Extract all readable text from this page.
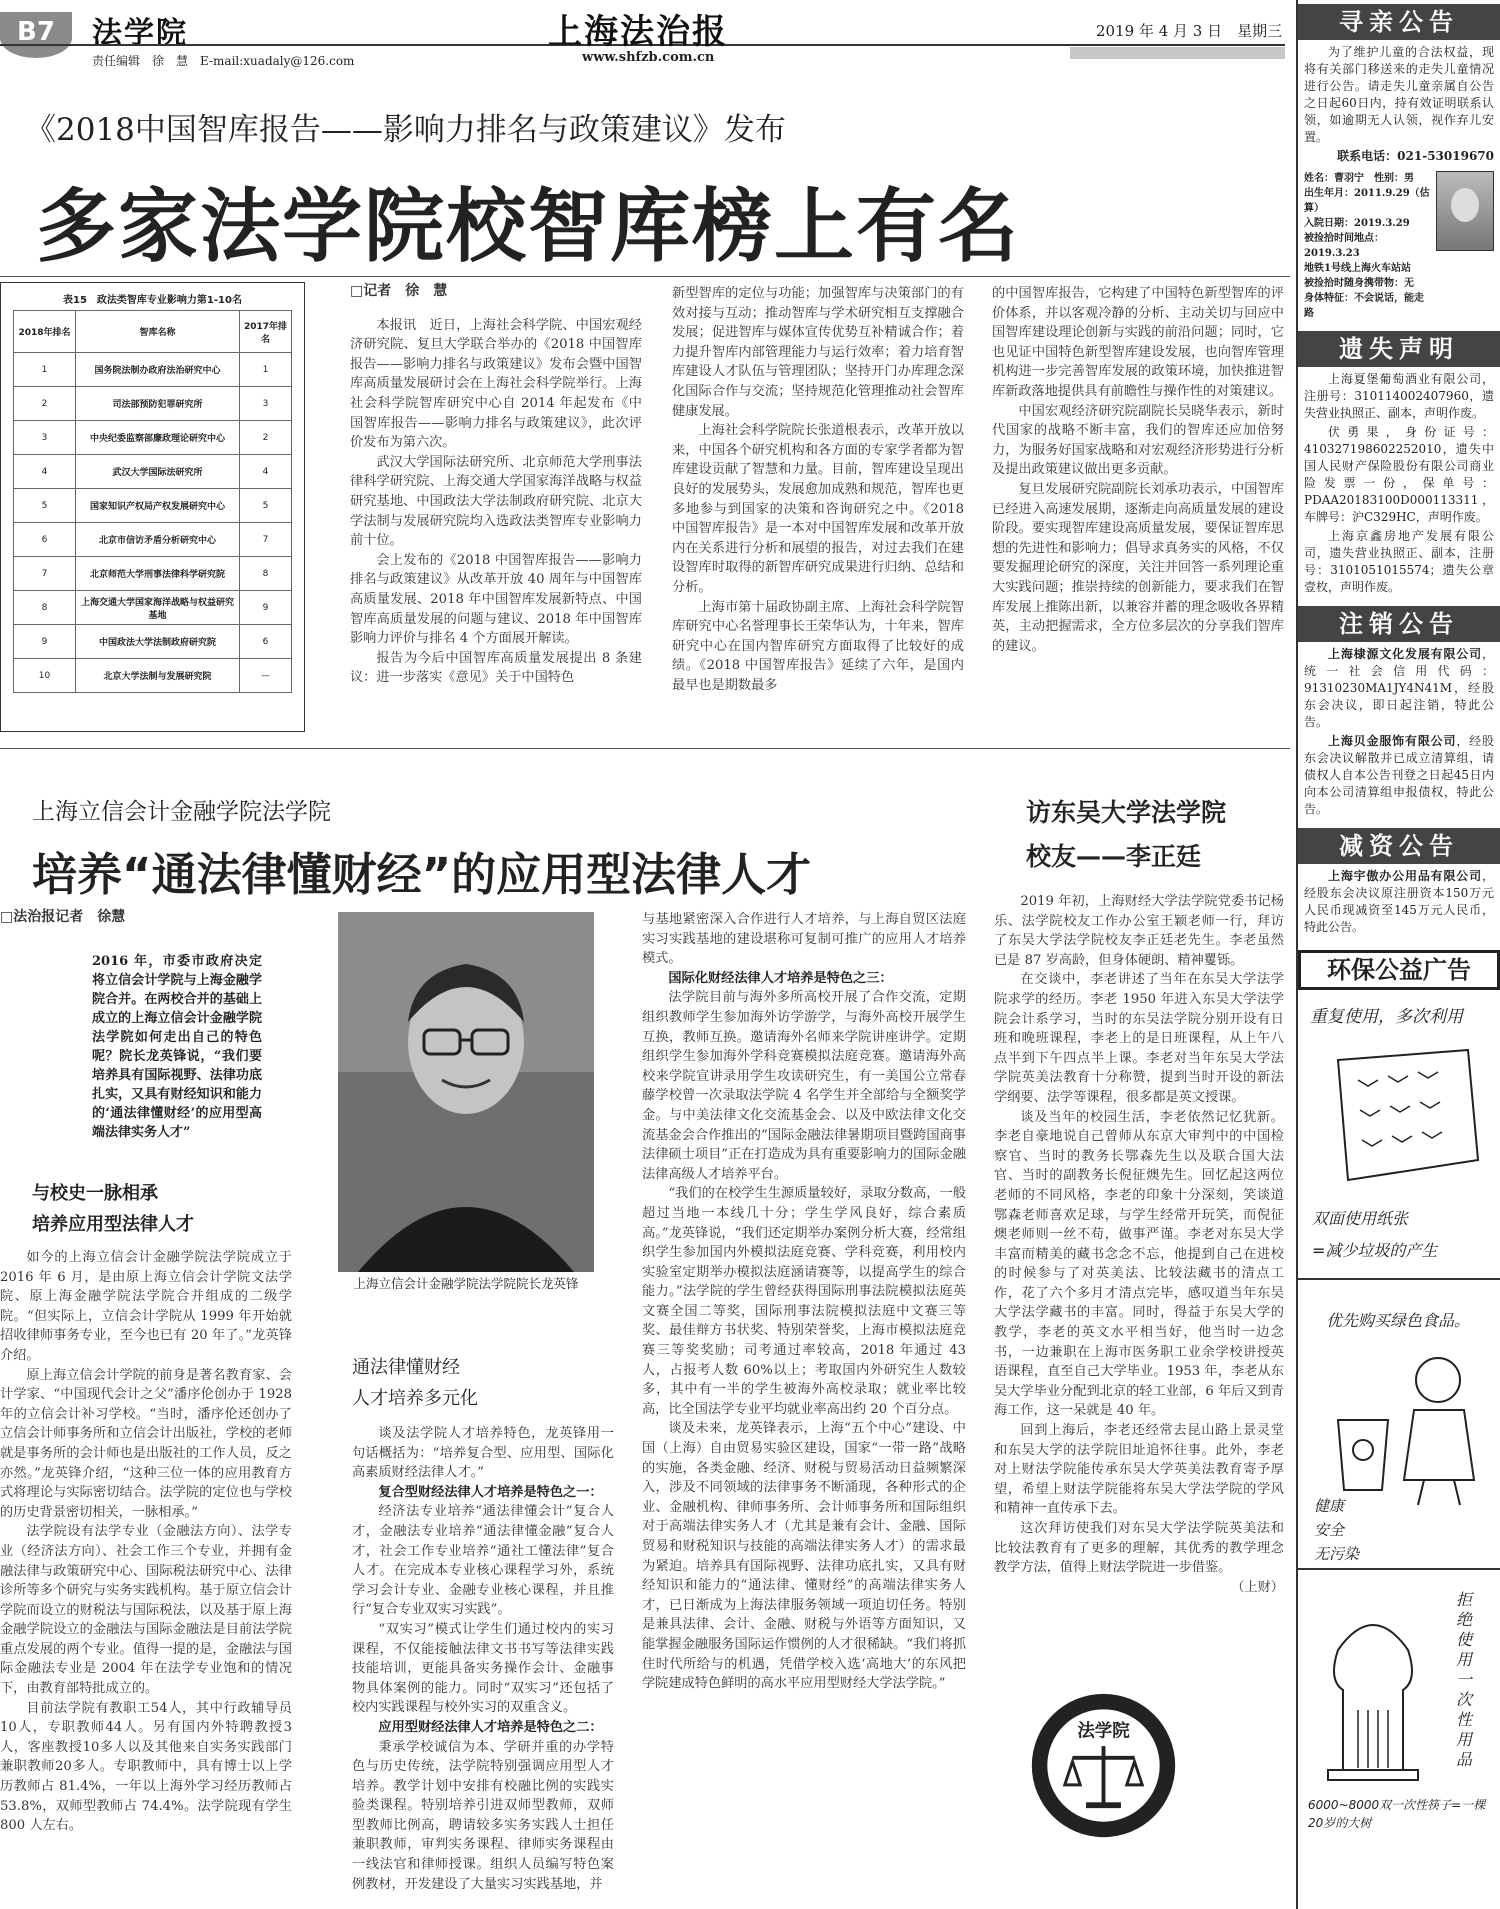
B7	法学院
责任编辑　徐　慧　E-mail:xuadaly@126.com
上海法治报
www.shfzb.com.cn
2019 年 4 月 3 日　星期三
《2018中国智库报告——影响力排名与政策建议》发布
多家法学院校智库榜上有名
表15　政法类智库专业影响力第1-10名
2018年排名	智库名称	2017年排名
1	国务院法制办政府法治研究中心	1
2	司法部预防犯罪研究所	3
3	中央纪委监察部廉政理论研究中心	2
4	武汉大学国际法研究所	4
5	国家知识产权局产权发展研究中心	5
6	北京市信访矛盾分析研究中心	7
7	北京师范大学刑事法律科学研究院	8
8	上海交通大学国家海洋战略与权益研究基地	9
9	中国政法大学法制政府研究院	6
10	北京大学法制与发展研究院	—
□记者　徐　慧

本报讯　近日，上海社会科学院、中国宏观经济研究院、复旦大学联合举办的《2018 中国智库报告——影响力排名与政策建议》发布会暨中国智库高质量发展研讨会在上海社会科学院举行。上海社会科学院智库研究中心自 2014 年起发布《中国智库报告——影响力排名与政策建议》，此次评价发布为第六次。

武汉大学国际法研究所、北京师范大学刑事法律科学研究院、上海交通大学国家海洋战略与权益研究基地、中国政法大学法制政府研究院、北京大学法制与发展研究院均入选政法类智库专业影响力前十位。

会上发布的《2018 中国智库报告——影响力排名与政策建议》从改革开放 40 周年与中国智库高质量发展、2018 年中国智库发展新特点、中国智库高质量发展的问题与建议、2018 年中国智库影响力评价与排名 4 个方面展开解读。

报告为今后中国智库高质量发展提出 8 条建议：进一步落实《意见》关于中国特色

新型智库的定位与功能；加强智库与决策部门的有效对接与互动；推动智库与学术研究相互支撑融合发展；促进智库与媒体宣传优势互补精诚合作；着力提升智库内部管理能力与运行效率；着力培育智库建设人才队伍与管理团队；坚持开门办库理念深化国际合作与交流；坚持规范化管理推动社会智库健康发展。

上海社会科学院院长张道根表示，改革开放以来，中国各个研究机构和各方面的专家学者都为智库建设贡献了智慧和力量。目前，智库建设呈现出良好的发展势头，发展愈加成熟和规范，智库也更多地参与到国家的决策和咨询研究之中。《2018 中国智库报告》是一本对中国智库发展和改革开放内在关系进行分析和展望的报告，对过去我们在建设智库时取得的新智库研究成果进行归纳、总结和分析。

上海市第十届政协副主席、上海社会科学院智库研究中心名誉理事长王荣华认为，十年来，智库研究中心在国内智库研究方面取得了比较好的成绩。《2018 中国智库报告》延续了六年，是国内最早也是期数最多

的中国智库报告，它构建了中国特色新型智库的评价体系，并以客观冷静的分析、主动关切与回应中国智库建设理论创新与实践的前沿问题；同时，它也见证中国特色新型智库建设发展，也向智库管理机构进一步完善智库发展的政策环境，加快推进智库新政落地提供具有前瞻性与操作性的对策建议。

中国宏观经济研究院副院长吴晓华表示，新时代国家的战略不断丰富，我们的智库还应加倍努力，为服务好国家战略和对宏观经济形势进行分析及提出政策建议做出更多贡献。

复旦发展研究院副院长刘承功表示，中国智库已经进入高速发展期，逐渐走向高质量发展的建设阶段。要实现智库建设高质量发展，要保证智库思想的先进性和影响力；倡导求真务实的风格，不仅要发掘理论研究的深度，关注并回答一系列理论重大实践问题；推崇持续的创新能力，要求我们在智库发展上推陈出新，以兼容并蓄的理念吸收各界精英，主动把握需求，全方位多层次的分享我们智库的建议。

上海立信会计金融学院法学院
培养“通法律懂财经”的应用型法律人才
□法治报记者　徐慧
2016 年，市委市政府决定将立信会计学院与上海金融学院合并。在两校合并的基础上成立的上海立信会计金融学院法学院如何走出自己的特色呢？院长龙英锋说，“我们要培养具有国际视野、法律功底扎实，又具有财经知识和能力的‘通法律懂财经’的应用型高端法律实务人才”
与校史一脉相承
培养应用型法律人才

如今的上海立信会计金融学院法学院成立于 2016 年 6 月，是由原上海立信会计学院文法学院、原上海金融学院法学院合并组成的二级学院。“但实际上，立信会计学院从 1999 年开始就招收律师事务专业，至今也已有 20 年了。”龙英锋介绍。

原上海立信会计学院的前身是著名教育家、会计学家、“中国现代会计之父”潘序伦创办于 1928 年的立信会计补习学校。“当时，潘序伦还创办了立信会计师事务所和立信会计出版社，学校的老师就是事务所的会计师也是出版社的工作人员，反之亦然。”龙英锋介绍，“这种三位一体的应用教育方式将理论与实际密切结合。法学院的定位也与学校的历史背景密切相关，一脉相承。”

法学院设有法学专业（金融法方向）、法学专业（经济法方向）、社会工作三个专业，并拥有金融法律与政策研究中心、国际税法研究中心、法律诊所等多个研究与实务实践机构。基于原立信会计学院而设立的财税法与国际税法，以及基于原上海金融学院设立的金融法与国际金融法是目前法学院重点发展的两个专业。值得一提的是，金融法与国际金融法专业是 2004 年在法学专业饱和的情况下，由教育部特批成立的。

目前法学院有教职工54人，其中行政辅导员10人，专职教师44人。另有国内外特聘教授3人，客座教授10多人以及其他来自实务实践部门兼职教师20多人。专职教师中，具有博士以上学历教师占 81.4%，一年以上海外学习经历教师占 53.8%，双师型教师占 74.4%。法学院现有学生 800 人左右。

上海立信会计金融学院法学院院长龙英锋
通法律懂财经
人才培养多元化

谈及法学院人才培养特色，龙英锋用一句话概括为：“培养复合型、应用型、国际化高素质财经法律人才。”

复合型财经法律人才培养是特色之一：

经济法专业培养“通法律懂会计”复合人才，金融法专业培养“通法律懂金融”复合人才，社会工作专业培养“通社工懂法律”复合人才。在完成本专业核心课程学习外，系统学习会计专业、金融专业核心课程，并且推行“复合专业双实习实践”。

“双实习”模式让学生们通过校内的实习课程，不仅能接触法律文书书写等法律实践技能培训，更能具备实务操作会计、金融事物具体案例的能力。同时“双实习”还包括了校内实践课程与校外实习的双重含义。

应用型财经法律人才培养是特色之二：

秉承学校诚信为本、学研并重的办学特色与历史传统，法学院特别强调应用型人才培养。教学计划中安排有校融比例的实践实验类课程。特别培养引进双师型教师，双师型教师比例高，聘请较多实务实践人士担任兼职教师，审判实务课程、律师实务课程由一线法官和律师授课。组织人员编写特色案例教材，开发建设了大量实习实践基地，并

与基地紧密深入合作进行人才培养，与上海自贸区法庭实习实践基地的建设堪称可复制可推广的应用人才培养模式。

国际化财经法律人才培养是特色之三：

法学院目前与海外多所高校开展了合作交流，定期组织教师学生参加海外访学游学，与海外高校开展学生互换，教师互换。邀请海外名师来学院讲座讲学。定期组织学生参加海外学科竞赛模拟法庭竞赛。邀请海外高校来学院宣讲录用学生攻读研究生，有一美国公立常春藤学校曾一次录取法学院 4 名学生并全部给与全额奖学金。与中美法律文化交流基金会、以及中欧法律文化交流基金会合作推出的“国际金融法律暑期项目暨跨国商事法律硕士项目”正在打造成为具有重要影响力的国际金融法律高级人才培养平台。

“我们的在校学生生源质量较好，录取分数高，一般超过当地一本线几十分；学生学风良好，综合素质高。”龙英锋说，“我们还定期举办案例分析大赛，经常组织学生参加国内外模拟法庭竞赛、学科竞赛，利用校内实验室定期举办模拟法庭涵请赛等，以提高学生的综合能力。”法学院的学生曾经获得国际刑事法院模拟法庭英文赛全国二等奖，国际刑事法院模拟法庭中文赛三等奖、最佳辩方书状奖、特别荣誉奖，上海市模拟法庭竞赛三等奖奖励；司考通过率较高，2018 年通过 43 人，占报考人数 60%以上；考取国内外研究生人数较多，其中有一半的学生被海外高校录取；就业率比较高，比全国法学专业平均就业率高出约 20 个百分点。

谈及未来，龙英锋表示，上海“五个中心”建设、中国（上海）自由贸易实验区建设，国家“一带一路”战略的实施，各类金融、经济、财税与贸易活动日益频繁深入，涉及不同领域的法律事务不断涌现，各种形式的企业、金融机构、律师事务所、会计师事务所和国际组织对于高端法律实务人才（尤其是兼有会计、金融、国际贸易和财税知识与技能的高端法律实务人才）的需求最为紧迫。培养具有国际视野、法律功底扎实，又具有财经知识和能力的“通法律、懂财经”的高端法律实务人才，已日渐成为上海法律服务领域一项迫切任务。特别是兼具法律、会计、金融、财税与外语等方面知识，又能掌握金融服务国际运作惯例的人才很稀缺。“我们将抓住时代所给与的机遇，凭借学校入选‘高地大’的东风把学院建成特色鲜明的高水平应用型财经大学法学院。”

访东吴大学法学院
校友——李正廷

2019 年初，上海财经大学法学院党委书记杨乐、法学院校友工作办公室王颖老师一行，拜访了东吴大学法学院校友李正廷老先生。李老虽然已是 87 岁高龄，但身体硬朗、精神矍铄。

在交谈中，李老讲述了当年在东吴大学法学院求学的经历。李老 1950 年进入东吴大学法学院会计系学习，当时的东吴法学院分别开设有日班和晚班课程，李老上的是日班课程，从上午八点半到下午四点半上课。李老对当年东吴大学法学院英美法教育十分称赞，提到当时开设的新法学纲要、法学等课程，很多都是英文授课。

谈及当年的校园生活，李老依然记忆犹新。李老自豪地说自己曾师从东京大审判中的中国检察官、当时的教务长鄂森先生以及联合国大法官、当时的副教务长倪征燠先生。回忆起这两位老师的不同风格，李老的印象十分深刻，笑谈道鄂森老师喜欢足球，与学生经常开玩笑，而倪征燠老师则一丝不苟，做事严谨。李老对东吴大学丰富而精美的藏书念念不忘，他提到自己在进校的时候参与了对英美法、比较法藏书的清点工作，花了六个多月才清点完毕，感叹道当年东吴大学法学藏书的丰富。同时，得益于东吴大学的教学，李老的英文水平相当好，他当时一边念书，一边兼职在上海市医务职工业余学校讲授英语课程，直至自己大学毕业。1953 年，李老从东吴大学毕业分配到北京的轻工业部，6 年后又到青海工作，这一呆就是 40 年。

回到上海后，李老还经常去昆山路上景灵堂和东吴大学的法学院旧址追怀往事。此外，李老对上财法学院能传承东吴大学英美法教育寄予厚望，希望上财法学院能将东吴大学法学院的学风和精神一直传承下去。

这次拜访使我们对东吴大学法学院英美法和比较法教育有了更多的理解，其优秀的教学理念教学方法，值得上财法学院进一步借鉴。

（上财）

法学院
寻亲公告

为了维护儿童的合法权益，现将有关部门移送来的走失儿童情况进行公告。请走失儿童亲属自公告之日起60日内，持有效证明联系认领，如逾期无人认领，视作弃儿安置。

联系电话：021-53019670

姓名：曹羽宁　性别：男
出生年月：2011.9.29（估算）
入院日期：2019.3.29
被捡拾时间地点：
2019.3.23
地铁1号线上海火车站站
被捡拾时随身携带物：无
身体特征：不会说话，能走路
遗失声明

上海夏堡葡萄酒业有限公司，注册号：310114002407960，遗失营业执照正、副本，声明作废。

伏勇果，身份证号：410327198602252010，遗失中国人民财产保险股份有限公司商业险发票一份，保单号：PDAA20183100D000113311，车牌号：沪C329HC，声明作废。

上海京鑫房地产发展有限公司，遗失营业执照正、副本，注册号：3101051015574；遗失公章壹枚，声明作废。

注销公告

上海棣源文化发展有限公司，统一社会信用代码：91310230MA1JY4N41M，经股东会决议，即日起注销，特此公告。

上海贝金服饰有限公司，经股东会决议解散并已成立清算组，请债权人自本公告刊登之日起45日内向本公司清算组申报债权，特此公告。

减资公告

上海宇傲办公用品有限公司，经股东会决议原注册资本150万元人民币现减资至145万元人民币，特此公告。

环保公益广告
重复使用，多次利用
双面使用纸张
=减少垃圾的产生
优先购买绿色食品。
健康
安全
无污染
拒绝使用一次性用品
6000~8000双一次性筷子=一棵20岁的大树
